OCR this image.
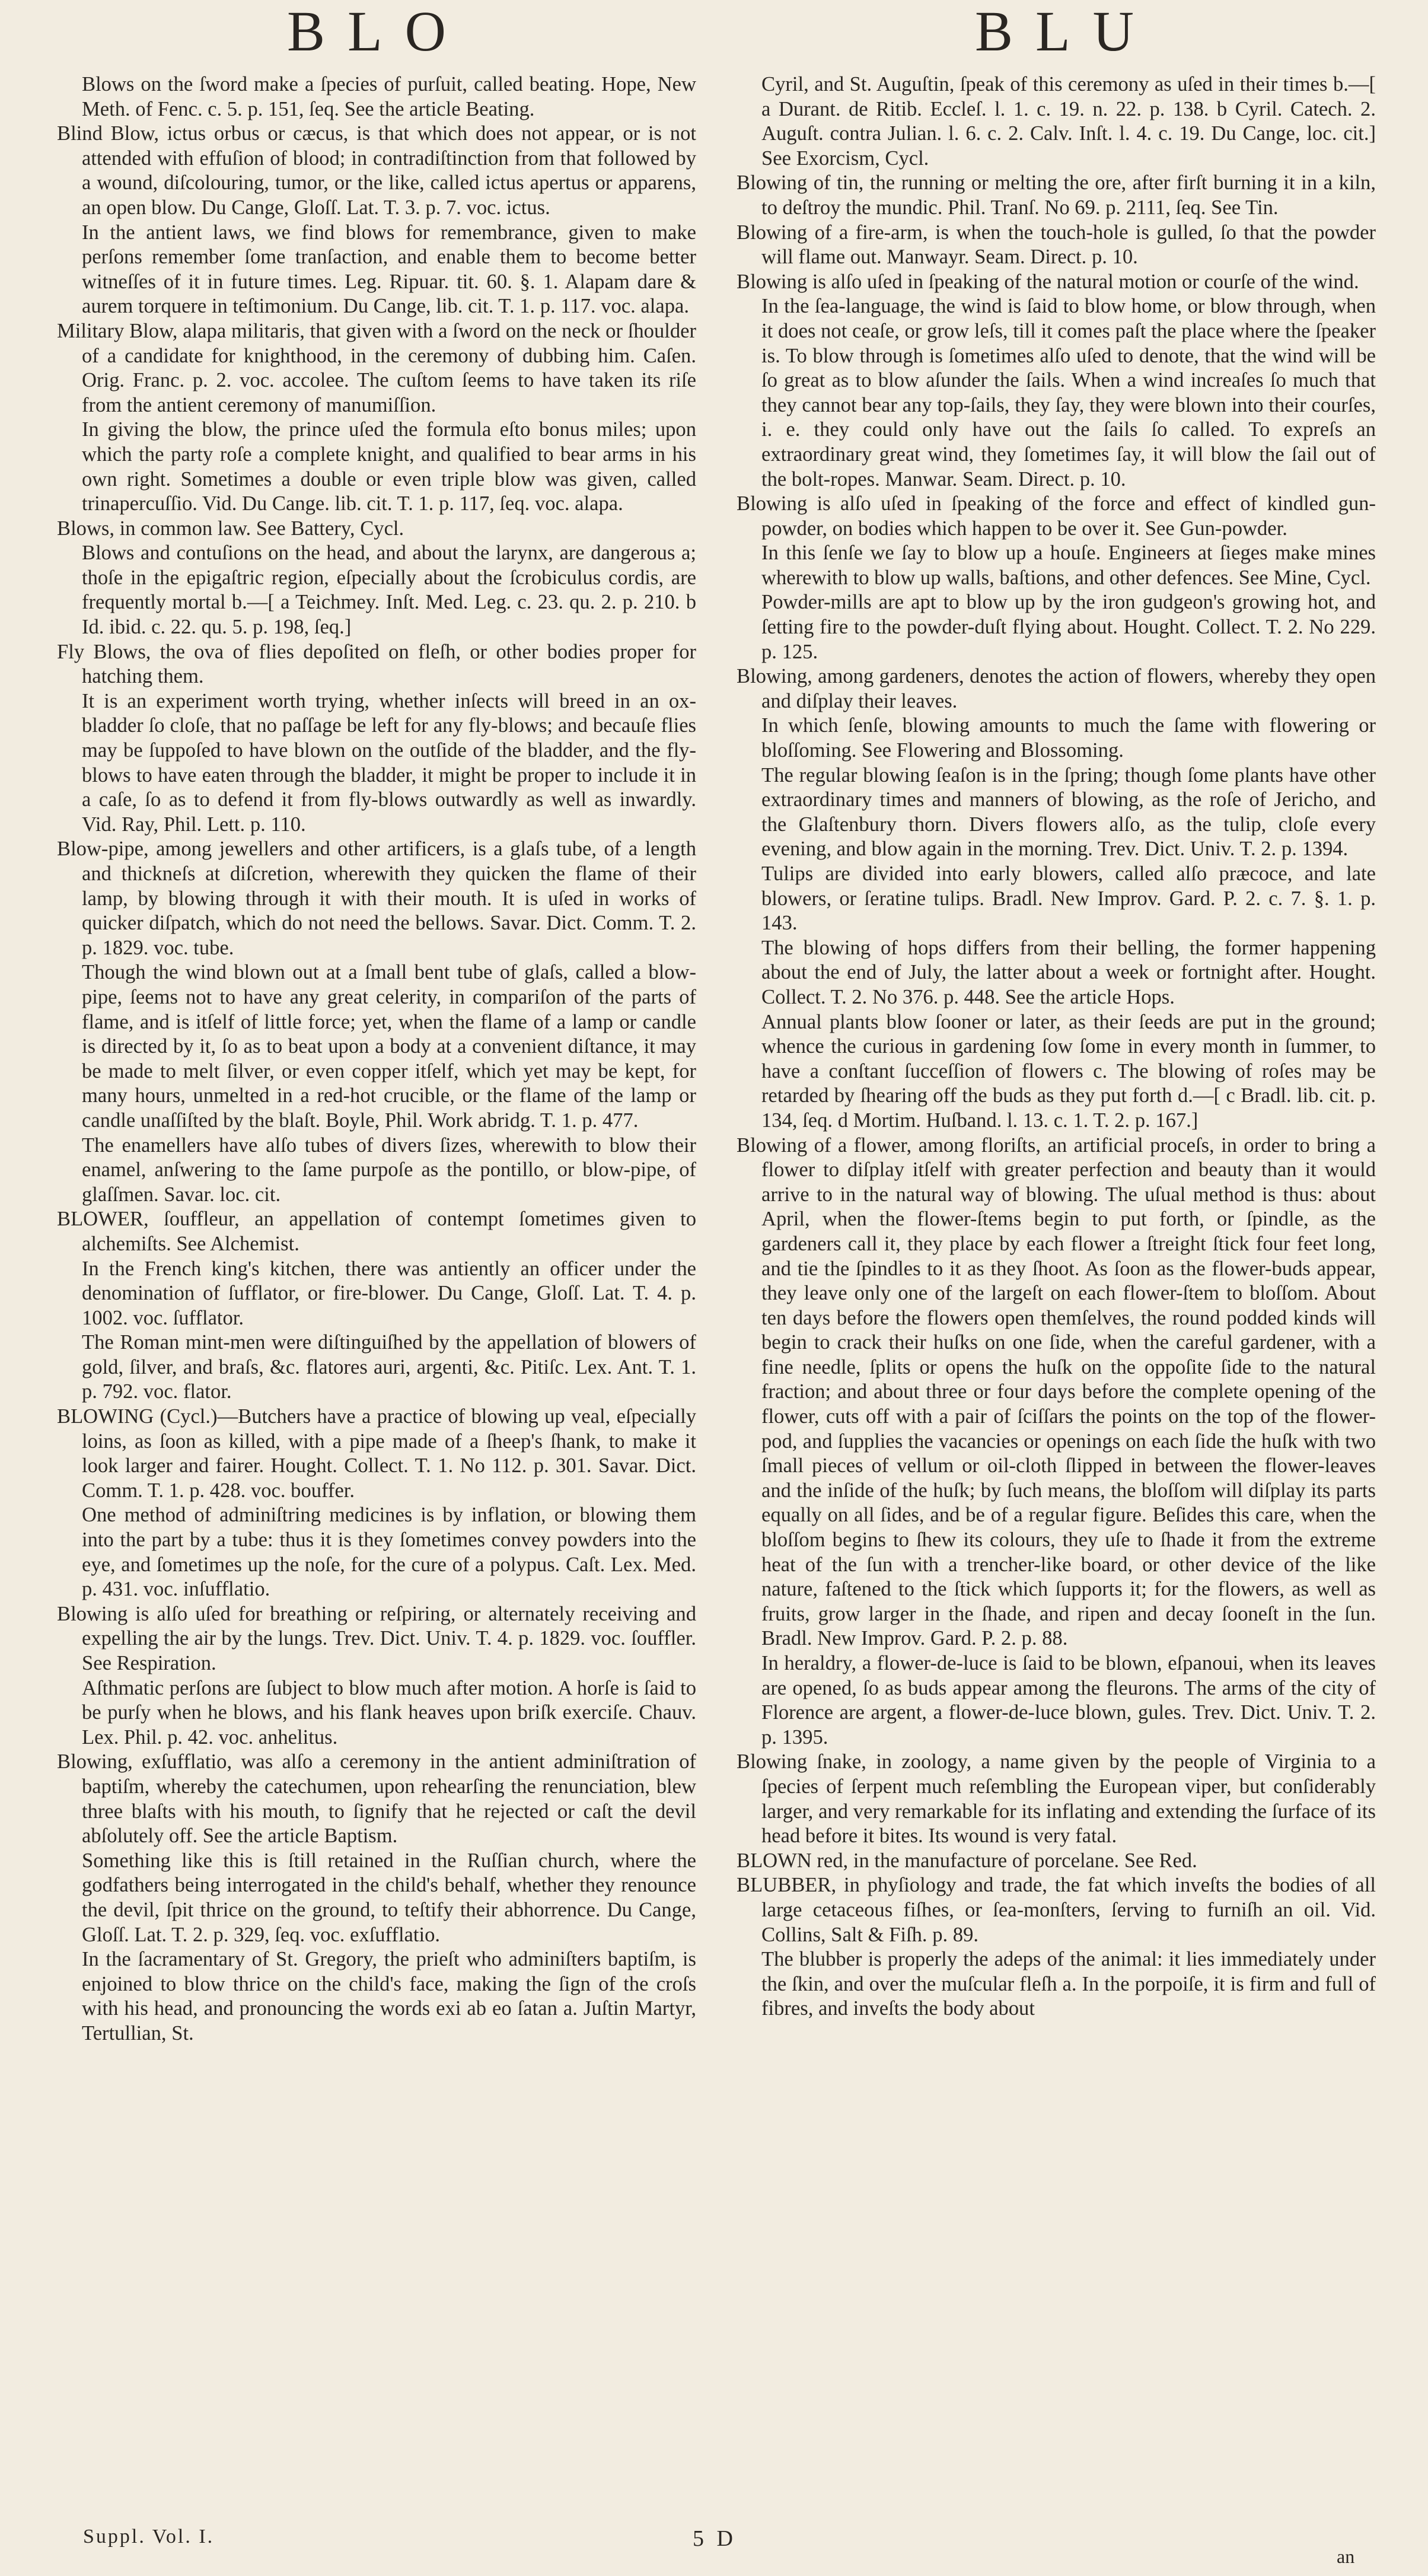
BLO	BLU

Blows on the ſword make a ſpecies of purſuit, called beating. Hope, New Meth. of Fenc. c. 5. p. 151, ſeq. See the article Beating.

Blind Blow, ictus orbus or cæcus, is that which does not appear, or is not attended with effuſion of blood; in contradiſtinction from that followed by a wound, diſcolouring, tumor, or the like, called ictus apertus or apparens, an open blow. Du Cange, Gloſſ. Lat. T. 3. p. 7. voc. ictus.

In the antient laws, we find blows for remembrance, given to make perſons remember ſome tranſaction, and enable them to become better witneſſes of it in future times. Leg. Ripuar. tit. 60. §. 1. Alapam dare & aurem torquere in teſtimonium. Du Cange, lib. cit. T. 1. p. 117. voc. alapa.

Military Blow, alapa militaris, that given with a ſword on the neck or ſhoulder of a candidate for knighthood, in the ceremony of dubbing him. Caſen. Orig. Franc. p. 2. voc. accolee. The cuſtom ſeems to have taken its riſe from the antient ceremony of manumiſſion.

In giving the blow, the prince uſed the formula eſto bonus miles; upon which the party roſe a complete knight, and qualified to bear arms in his own right. Sometimes a double or even triple blow was given, called trinapercuſſio. Vid. Du Cange. lib. cit. T. 1. p. 117, ſeq. voc. alapa.

Blows, in common law. See Battery, Cycl.

Blows and contuſions on the head, and about the larynx, are dangerous a; thoſe in the epigaſtric region, eſpecially about the ſcrobiculus cordis, are frequently mortal b.—[ a Teichmey. Inſt. Med. Leg. c. 23. qu. 2. p. 210. b Id. ibid. c. 22. qu. 5. p. 198, ſeq.]

Fly Blows, the ova of flies depoſited on fleſh, or other bodies proper for hatching them.

It is an experiment worth trying, whether inſects will breed in an ox-bladder ſo cloſe, that no paſſage be left for any fly-blows; and becauſe flies may be ſuppoſed to have blown on the outſide of the bladder, and the fly-blows to have eaten through the bladder, it might be proper to include it in a caſe, ſo as to defend it from fly-blows outwardly as well as inwardly. Vid. Ray, Phil. Lett. p. 110.

Blow-pipe, among jewellers and other artificers, is a glaſs tube, of a length and thickneſs at diſcretion, wherewith they quicken the flame of their lamp, by blowing through it with their mouth. It is uſed in works of quicker diſpatch, which do not need the bellows. Savar. Dict. Comm. T. 2. p. 1829. voc. tube.

Though the wind blown out at a ſmall bent tube of glaſs, called a blow-pipe, ſeems not to have any great celerity, in compariſon of the parts of flame, and is itſelf of little force; yet, when the flame of a lamp or candle is directed by it, ſo as to beat upon a body at a convenient diſtance, it may be made to melt ſilver, or even copper itſelf, which yet may be kept, for many hours, unmelted in a red-hot crucible, or the flame of the lamp or candle unaſſiſted by the blaſt. Boyle, Phil. Work abridg. T. 1. p. 477.

The enamellers have alſo tubes of divers ſizes, wherewith to blow their enamel, anſwering to the ſame purpoſe as the pontillo, or blow-pipe, of glaſſmen. Savar. loc. cit.

BLOWER, ſouffleur, an appellation of contempt ſometimes given to alchemiſts. See Alchemist.

In the French king's kitchen, there was antiently an officer under the denomination of ſufflator, or fire-blower. Du Cange, Gloſſ. Lat. T. 4. p. 1002. voc. ſufflator.

The Roman mint-men were diſtinguiſhed by the appellation of blowers of gold, ſilver, and braſs, &c. flatores auri, argenti, &c. Pitiſc. Lex. Ant. T. 1. p. 792. voc. flator.

BLOWING (Cycl.)—Butchers have a practice of blowing up veal, eſpecially loins, as ſoon as killed, with a pipe made of a ſheep's ſhank, to make it look larger and fairer. Hought. Collect. T. 1. No 112. p. 301. Savar. Dict. Comm. T. 1. p. 428. voc. bouffer.

One method of adminiſtring medicines is by inflation, or blowing them into the part by a tube: thus it is they ſometimes convey powders into the eye, and ſometimes up the noſe, for the cure of a polypus. Caſt. Lex. Med. p. 431. voc. inſufflatio.

Blowing is alſo uſed for breathing or reſpiring, or alternately receiving and expelling the air by the lungs. Trev. Dict. Univ. T. 4. p. 1829. voc. ſouffler. See Respiration.

Aſthmatic perſons are ſubject to blow much after motion. A horſe is ſaid to be purſy when he blows, and his flank heaves upon briſk exerciſe. Chauv. Lex. Phil. p. 42. voc. anhelitus.

Blowing, exſufflatio, was alſo a ceremony in the antient adminiſtration of baptiſm, whereby the catechumen, upon rehearſing the renunciation, blew three blaſts with his mouth, to ſignify that he rejected or caſt the devil abſolutely off. See the article Baptism.

Something like this is ſtill retained in the Ruſſian church, where the godfathers being interrogated in the child's behalf, whether they renounce the devil, ſpit thrice on the ground, to teſtify their abhorrence. Du Cange, Gloſſ. Lat. T. 2. p. 329, ſeq. voc. exſufflatio.

In the ſacramentary of St. Gregory, the prieſt who adminiſters baptiſm, is enjoined to blow thrice on the child's face, making the ſign of the croſs with his head, and pronouncing the words exi ab eo ſatan a. Juſtin Martyr, Tertullian, St.

Cyril, and St. Auguſtin, ſpeak of this ceremony as uſed in their times b.—[ a Durant. de Ritib. Eccleſ. l. 1. c. 19. n. 22. p. 138. b Cyril. Catech. 2. Auguſt. contra Julian. l. 6. c. 2. Calv. Inſt. l. 4. c. 19. Du Cange, loc. cit.] See Exorcism, Cycl.

Blowing of tin, the running or melting the ore, after firſt burning it in a kiln, to deſtroy the mundic. Phil. Tranſ. No 69. p. 2111, ſeq. See Tin.

Blowing of a fire-arm, is when the touch-hole is gulled, ſo that the powder will flame out. Manwayr. Seam. Direct. p. 10.

Blowing is alſo uſed in ſpeaking of the natural motion or courſe of the wind.

In the ſea-language, the wind is ſaid to blow home, or blow through, when it does not ceaſe, or grow leſs, till it comes paſt the place where the ſpeaker is. To blow through is ſometimes alſo uſed to denote, that the wind will be ſo great as to blow aſunder the ſails. When a wind increaſes ſo much that they cannot bear any top-ſails, they ſay, they were blown into their courſes, i. e. they could only have out the ſails ſo called. To expreſs an extraordinary great wind, they ſometimes ſay, it will blow the ſail out of the bolt-ropes. Manwar. Seam. Direct. p. 10.

Blowing is alſo uſed in ſpeaking of the force and effect of kindled gun-powder, on bodies which happen to be over it. See Gun-powder.

In this ſenſe we ſay to blow up a houſe. Engineers at ſieges make mines wherewith to blow up walls, baſtions, and other defences. See Mine, Cycl.

Powder-mills are apt to blow up by the iron gudgeon's growing hot, and ſetting fire to the powder-duſt flying about. Hought. Collect. T. 2. No 229. p. 125.

Blowing, among gardeners, denotes the action of flowers, whereby they open and diſplay their leaves.

In which ſenſe, blowing amounts to much the ſame with flowering or bloſſoming. See Flowering and Blossoming.

The regular blowing ſeaſon is in the ſpring; though ſome plants have other extraordinary times and manners of blowing, as the roſe of Jericho, and the Glaſtenbury thorn. Divers flowers alſo, as the tulip, cloſe every evening, and blow again in the morning. Trev. Dict. Univ. T. 2. p. 1394.

Tulips are divided into early blowers, called alſo præcoce, and late blowers, or ſeratine tulips. Bradl. New Improv. Gard. P. 2. c. 7. §. 1. p. 143.

The blowing of hops differs from their belling, the former happening about the end of July, the latter about a week or fortnight after. Hought. Collect. T. 2. No 376. p. 448. See the article Hops.

Annual plants blow ſooner or later, as their ſeeds are put in the ground; whence the curious in gardening ſow ſome in every month in ſummer, to have a conſtant ſucceſſion of flowers c. The blowing of roſes may be retarded by ſhearing off the buds as they put forth d.—[ c Bradl. lib. cit. p. 134, ſeq. d Mortim. Huſband. l. 13. c. 1. T. 2. p. 167.]

Blowing of a flower, among floriſts, an artificial proceſs, in order to bring a flower to diſplay itſelf with greater perfection and beauty than it would arrive to in the natural way of blowing. The uſual method is thus: about April, when the flower-ſtems begin to put forth, or ſpindle, as the gardeners call it, they place by each flower a ſtreight ſtick four feet long, and tie the ſpindles to it as they ſhoot. As ſoon as the flower-buds appear, they leave only one of the largeſt on each flower-ſtem to bloſſom. About ten days before the flowers open themſelves, the round podded kinds will begin to crack their huſks on one ſide, when the careful gardener, with a fine needle, ſplits or opens the huſk on the oppoſite ſide to the natural fraction; and about three or four days before the complete opening of the flower, cuts off with a pair of ſciſſars the points on the top of the flower-pod, and ſupplies the vacancies or openings on each ſide the huſk with two ſmall pieces of vellum or oil-cloth ſlipped in between the flower-leaves and the inſide of the huſk; by ſuch means, the bloſſom will diſplay its parts equally on all ſides, and be of a regular figure. Beſides this care, when the bloſſom begins to ſhew its colours, they uſe to ſhade it from the extreme heat of the ſun with a trencher-like board, or other device of the like nature, faſtened to the ſtick which ſupports it; for the flowers, as well as fruits, grow larger in the ſhade, and ripen and decay ſooneſt in the ſun. Bradl. New Improv. Gard. P. 2. p. 88.

In heraldry, a flower-de-luce is ſaid to be blown, eſpanoui, when its leaves are opened, ſo as buds appear among the fleurons. The arms of the city of Florence are argent, a flower-de-luce blown, gules. Trev. Dict. Univ. T. 2. p. 1395.

Blowing ſnake, in zoology, a name given by the people of Virginia to a ſpecies of ſerpent much reſembling the European viper, but conſiderably larger, and very remarkable for its inflating and extending the ſurface of its head before it bites. Its wound is very fatal.

BLOWN red, in the manufacture of porcelane. See Red.

BLUBBER, in phyſiology and trade, the fat which inveſts the bodies of all large cetaceous fiſhes, or ſea-monſters, ſerving to furniſh an oil. Vid. Collins, Salt & Fiſh. p. 89.

The blubber is properly the adeps of the animal: it lies immediately under the ſkin, and over the muſcular fleſh a. In the porpoiſe, it is firm and full of fibres, and inveſts the body about

Suppl. Vol. I.	5 D
an
